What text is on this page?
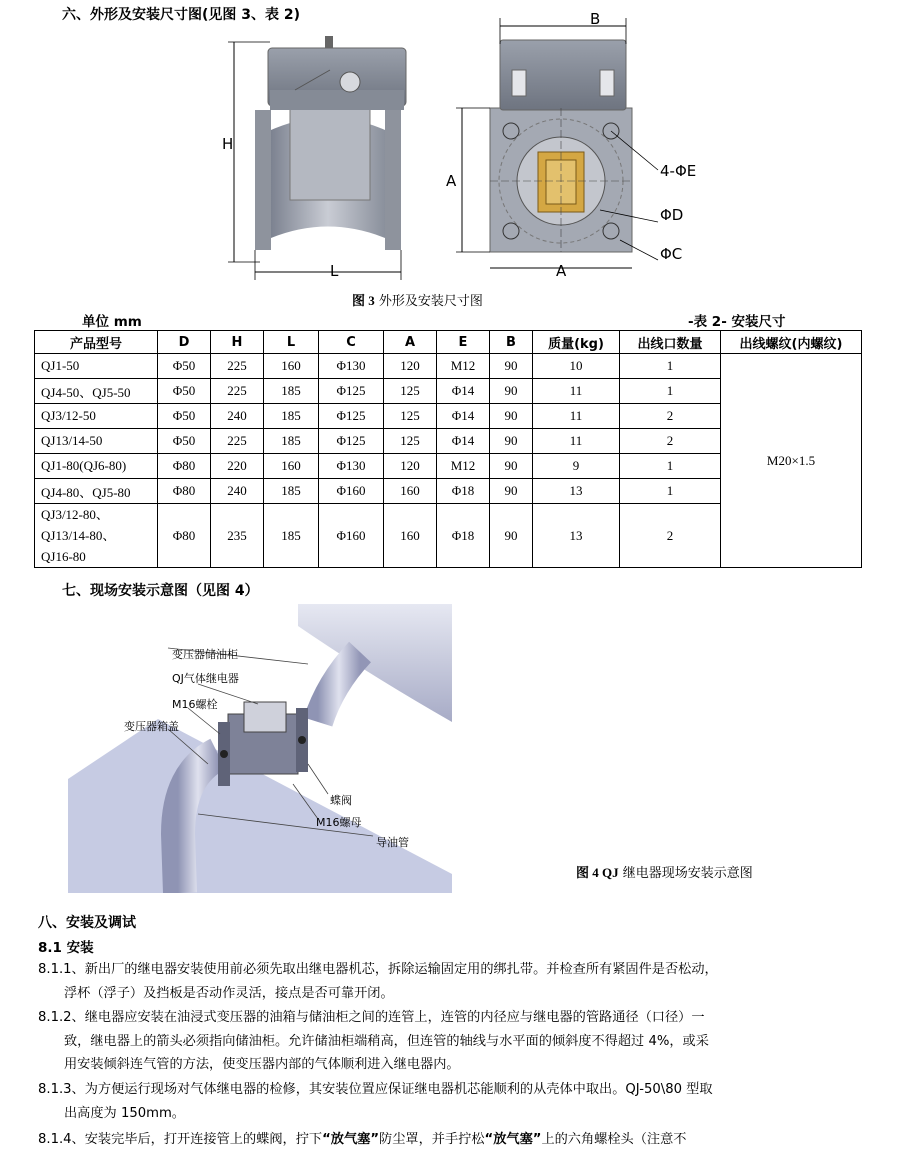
六、外形及安装尺寸图(见图 3、表 2)	B
H
L
A
A
4-ΦE
ΦD
ΦC
图 3 外形及安装尺寸图
单位 mm	-表 2- 安装尺寸
产品型号	D	H	L	C	A	E	B	质量(kg)	出线口数量	出线螺纹(内螺纹)
QJ1-50	Φ50	225	160	Φ130	120	M12	90	10	1	M20×1.5
QJ4-50、QJ5-50	Φ50	225	185	Φ125	125	Φ14	90	11	1	
QJ3/12-50	Φ50	240	185	Φ125	125	Φ14	90	11	2	
QJ13/14-50	Φ50	225	185	Φ125	125	Φ14	90	11	2	
QJ1-80(QJ6-80)	Φ80	220	160	Φ130	120	M12	90	9	1	
QJ4-80、QJ5-80	Φ80	240	185	Φ160	160	Φ18	90	13	1	

QJ3/12-80、
QJ13/14-80、
QJ16-80	Φ80	235	185	Φ160	160	Φ18	90	13	2	
七、现场安装示意图（见图 4）
变压器储油柜
QJ气体继电器
M16螺栓
变压器箱盖
蝶阀
M16螺母
导油管
图 4 QJ 继电器现场安装示意图
八、安装及调试
8.1 安装
8.1.1、新出厂的继电器安装使用前必须先取出继电器机芯，拆除运输固定用的绑扎带。并检查所有紧固件是否松动，
浮杯（浮子）及挡板是否动作灵活，接点是否可靠开闭。
8.1.2、继电器应安装在油浸式变压器的油箱与储油柜之间的连管上，连管的内径应与继电器的管路通径（口径）一
致，继电器上的箭头必须指向储油柜。允许储油柜端稍高，但连管的轴线与水平面的倾斜度不得超过 4%，或采
用安装倾斜连气管的方法，使变压器内部的气体顺利进入继电器内。
8.1.3、为方便运行现场对气体继电器的检修，其安装位置应保证继电器机芯能顺利的从壳体中取出。QJ-50\80 型取
出高度为 150mm。
8.1.4、安装完毕后，打开连接管上的蝶阀，拧下“放气塞”防尘罩，并手拧松“放气塞”上的六角螺栓头（注意不
